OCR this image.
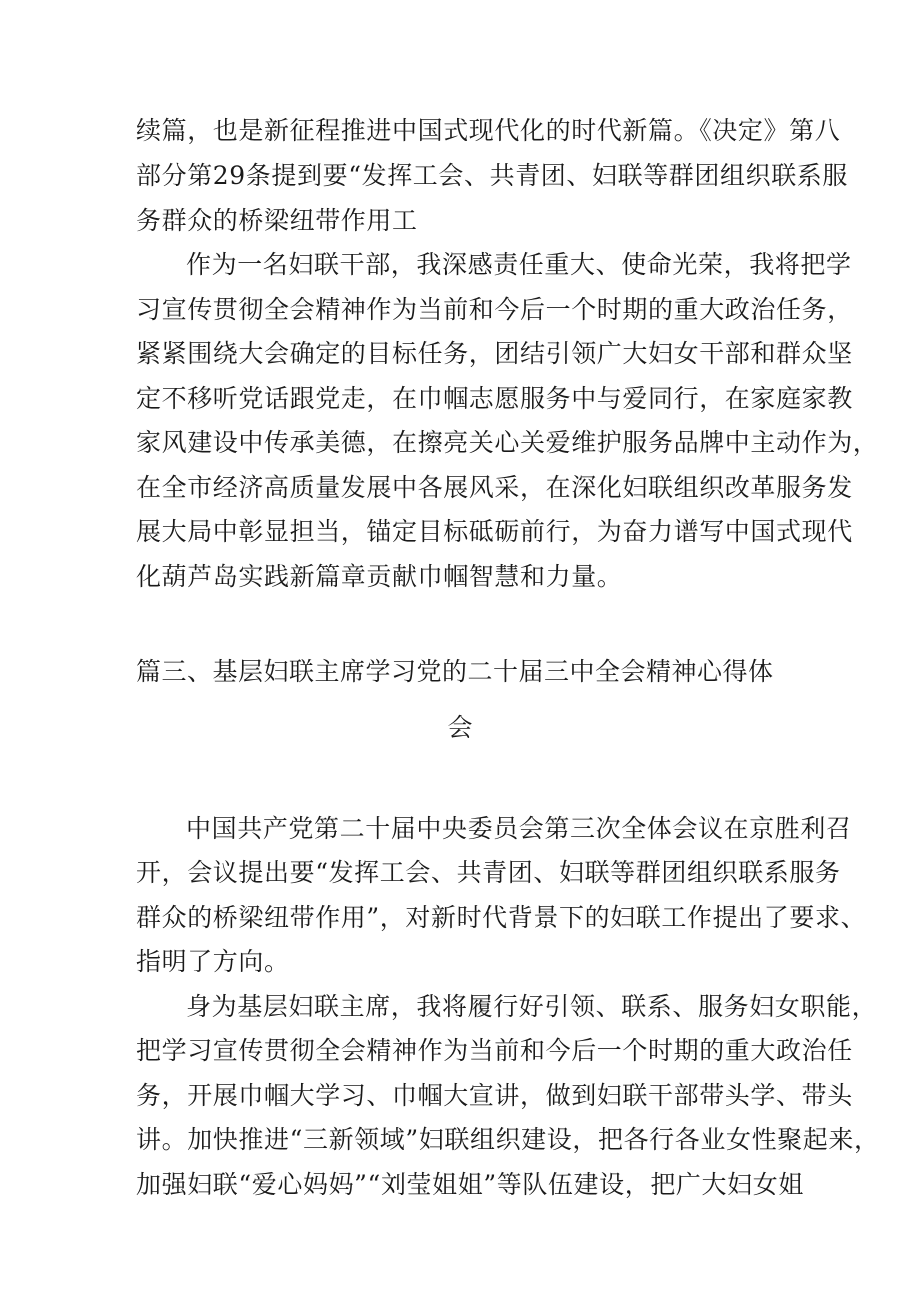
续篇，也是新征程推进中国式现代化的时代新篇。《决定》第八
部分第29条提到要“发挥工会、共青团、妇联等群团组织联系服
务群众的桥梁纽带作用工
作为一名妇联干部，我深感责任重大、使命光荣，我将把学
习宣传贯彻全会精神作为当前和今后一个时期的重大政治任务，
紧紧围绕大会确定的目标任务，团结引领广大妇女干部和群众坚
定不移听党话跟党走，在巾帼志愿服务中与爱同行，在家庭家教
家风建设中传承美德，在擦亮关心关爱维护服务品牌中主动作为，
在全市经济高质量发展中各展风采，在深化妇联组织改革服务发
展大局中彰显担当，锚定目标砥砺前行，为奋力谱写中国式现代
化葫芦岛实践新篇章贡献巾帼智慧和力量。
篇三、基层妇联主席学习党的二十届三中全会精神心得体
会
中国共产党第二十届中央委员会第三次全体会议在京胜利召
开，会议提出要“发挥工会、共青团、妇联等群团组织联系服务
群众的桥梁纽带作用”，对新时代背景下的妇联工作提出了要求、
指明了方向。
身为基层妇联主席，我将履行好引领、联系、服务妇女职能，
把学习宣传贯彻全会精神作为当前和今后一个时期的重大政治任
务，开展巾帼大学习、巾帼大宣讲，做到妇联干部带头学、带头
讲。加快推进“三新领域”妇联组织建设，把各行各业女性聚起来，
加强妇联“爱心妈妈”“刘莹姐姐”等队伍建设，把广大妇女姐
